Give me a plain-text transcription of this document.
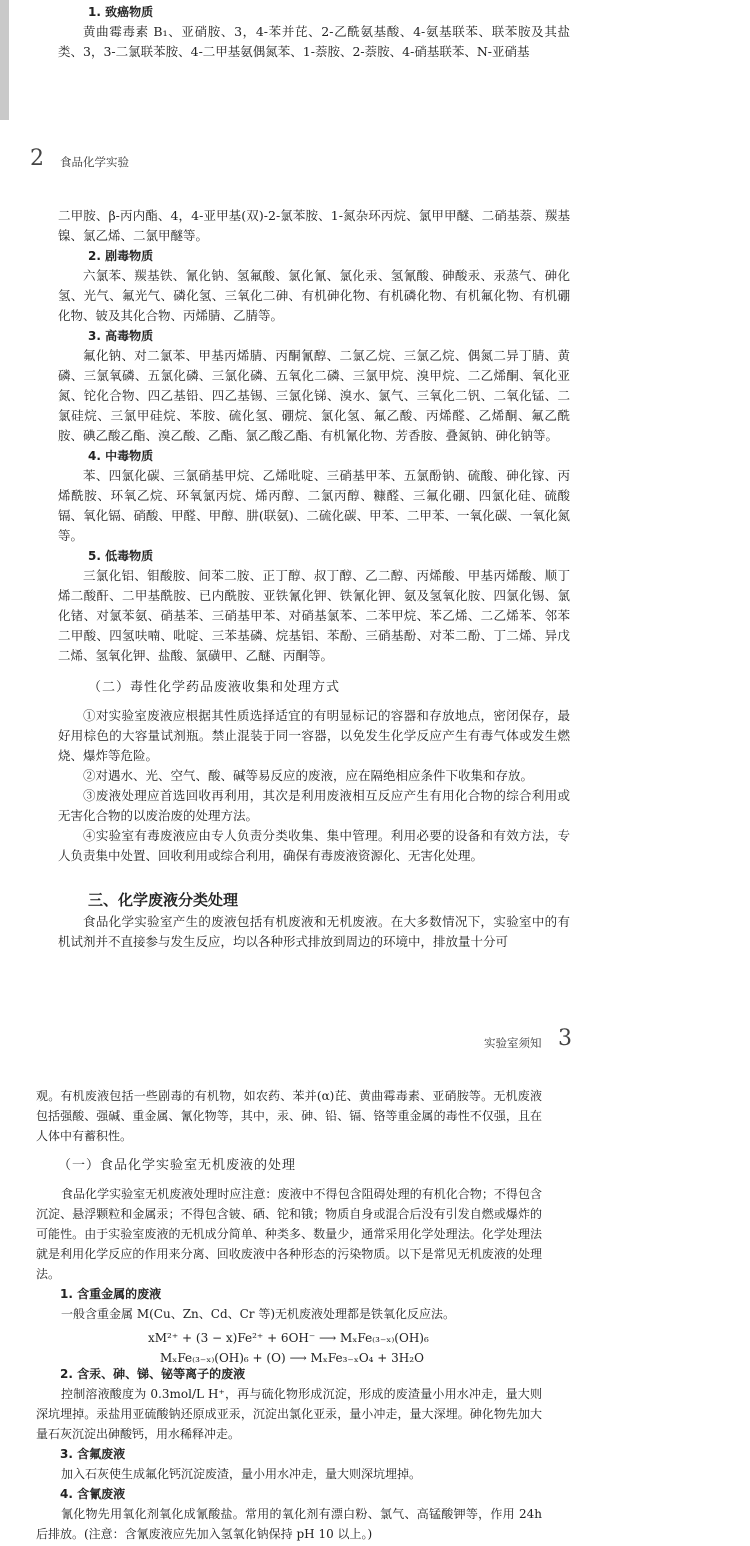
1. 致癌物质

黄曲霉毒素 B₁、亚硝胺、3，4-苯并芘、2-乙酰氨基酸、4-氨基联苯、联苯胺及其盐类、3，3-二氯联苯胺、4-二甲基氨偶氮苯、1-萘胺、2-萘胺、4-硝基联苯、N-亚硝基

2 食品化学实验

二甲胺、β-丙内酯、4，4-亚甲基(双)-2-氯苯胺、1-氮杂环丙烷、氯甲甲醚、二硝基萘、羰基镍、氯乙烯、二氯甲醚等。

2. 剧毒物质

六氯苯、羰基铁、氰化钠、氢氟酸、氯化氰、氯化汞、氢氰酸、砷酸汞、汞蒸气、砷化氢、光气、氟光气、磷化氢、三氧化二砷、有机砷化物、有机磷化物、有机氟化物、有机硼化物、铍及其化合物、丙烯腈、乙腈等。

3. 高毒物质

氟化钠、对二氯苯、甲基丙烯腈、丙酮氰醇、二氯乙烷、三氯乙烷、偶氮二异丁腈、黄磷、三氯氧磷、五氯化磷、三氯化磷、五氧化二磷、三氯甲烷、溴甲烷、二乙烯酮、氧化亚氮、铊化合物、四乙基铅、四乙基锡、三氯化锑、溴水、氯气、三氧化二钒、二氧化锰、二氯硅烷、三氯甲硅烷、苯胺、硫化氢、硼烷、氯化氢、氟乙酸、丙烯醛、乙烯酮、氟乙酰胺、碘乙酸乙酯、溴乙酸、乙酯、氯乙酸乙酯、有机氰化物、芳香胺、叠氮钠、砷化钠等。

4. 中毒物质

苯、四氯化碳、三氯硝基甲烷、乙烯吡啶、三硝基甲苯、五氯酚钠、硫酸、砷化镓、丙烯酰胺、环氧乙烷、环氧氯丙烷、烯丙醇、二氯丙醇、糠醛、三氟化硼、四氯化硅、硫酸镉、氧化镉、硝酸、甲醛、甲醇、肼(联氨)、二硫化碳、甲苯、二甲苯、一氧化碳、一氧化氮等。

5. 低毒物质

三氯化铝、钼酸胺、间苯二胺、正丁醇、叔丁醇、乙二醇、丙烯酸、甲基丙烯酸、顺丁烯二酸酐、二甲基酰胺、已内酰胺、亚铁氰化钾、铁氰化钾、氨及氢氧化胺、四氯化锡、氯化锗、对氯苯氨、硝基苯、三硝基甲苯、对硝基氯苯、二苯甲烷、苯乙烯、二乙烯苯、邻苯二甲酸、四氢呋喃、吡啶、三苯基磷、烷基铝、苯酚、三硝基酚、对苯二酚、丁二烯、异戊二烯、氢氧化钾、盐酸、氯磺甲、乙醚、丙酮等。

（二）毒性化学药品废液收集和处理方式

①对实验室废液应根据其性质选择适宜的有明显标记的容器和存放地点，密闭保存，最好用棕色的大容量试剂瓶。禁止混装于同一容器，以免发生化学反应产生有毒气体或发生燃烧、爆炸等危险。

②对遇水、光、空气、酸、碱等易反应的废液，应在隔绝相应条件下收集和存放。

③废液处理应首选回收再利用，其次是利用废液相互反应产生有用化合物的综合利用或无害化合物的以废治废的处理方法。

④实验室有毒废液应由专人负责分类收集、集中管理。利用必要的设备和有效方法，专人负责集中处置、回收利用或综合利用，确保有毒废液资源化、无害化处理。

三、化学废液分类处理

食品化学实验室产生的废液包括有机废液和无机废液。在大多数情况下，实验室中的有机试剂并不直接参与发生反应，均以各种形式排放到周边的环境中，排放量十分可

实验室须知 3

观。有机废液包括一些剧毒的有机物，如农药、苯并(α)芘、黄曲霉毒素、亚硝胺等。无机废液包括强酸、强碱、重金属、氰化物等，其中，汞、砷、铅、镉、铬等重金属的毒性不仅强，且在人体中有蓄积性。

（一）食品化学实验室无机废液的处理

食品化学实验室无机废液处理时应注意：废液中不得包含阻碍处理的有机化合物；不得包含沉淀、悬浮颗粒和金属汞；不得包含铍、硒、铊和锇；物质自身或混合后没有引发自燃或爆炸的可能性。由于实验室废液的无机成分简单、种类多、数量少，通常采用化学处理法。化学处理法就是利用化学反应的作用来分离、回收废液中各种形态的污染物质。以下是常见无机废液的处理法。

1. 含重金属的废液

一般含重金属 M(Cu、Zn、Cd、Cr 等)无机废液处理都是铁氧化反应法。

2. 含汞、砷、锑、铋等离子的废液

控制溶液酸度为 0.3mol/L H⁺，再与硫化物形成沉淀，形成的废渣量小用水冲走，量大则深坑埋掉。汞盐用亚硫酸钠还原成亚汞，沉淀出氯化亚汞，量小冲走，量大深埋。砷化物先加大量石灰沉淀出砷酸钙，用水稀释冲走。

3. 含氟废液

加入石灰使生成氟化钙沉淀废渣，量小用水冲走，量大则深坑埋掉。

4. 含氰废液

氰化物先用氧化剂氧化成氰酸盐。常用的氧化剂有漂白粉、氯气、高锰酸钾等，作用 24h 后排放。(注意：含氰废液应先加入氢氧化钠保持 pH 10 以上。)

xM²⁺ + (3 − x)Fe²⁺ + 6OH⁻ ⟶ MₓFe₍₃₋ₓ₎(OH)₆
MₓFe₍₃₋ₓ₎(OH)₆ + (O) ⟶ MₓFe₃₋ₓO₄ + 3H₂O
